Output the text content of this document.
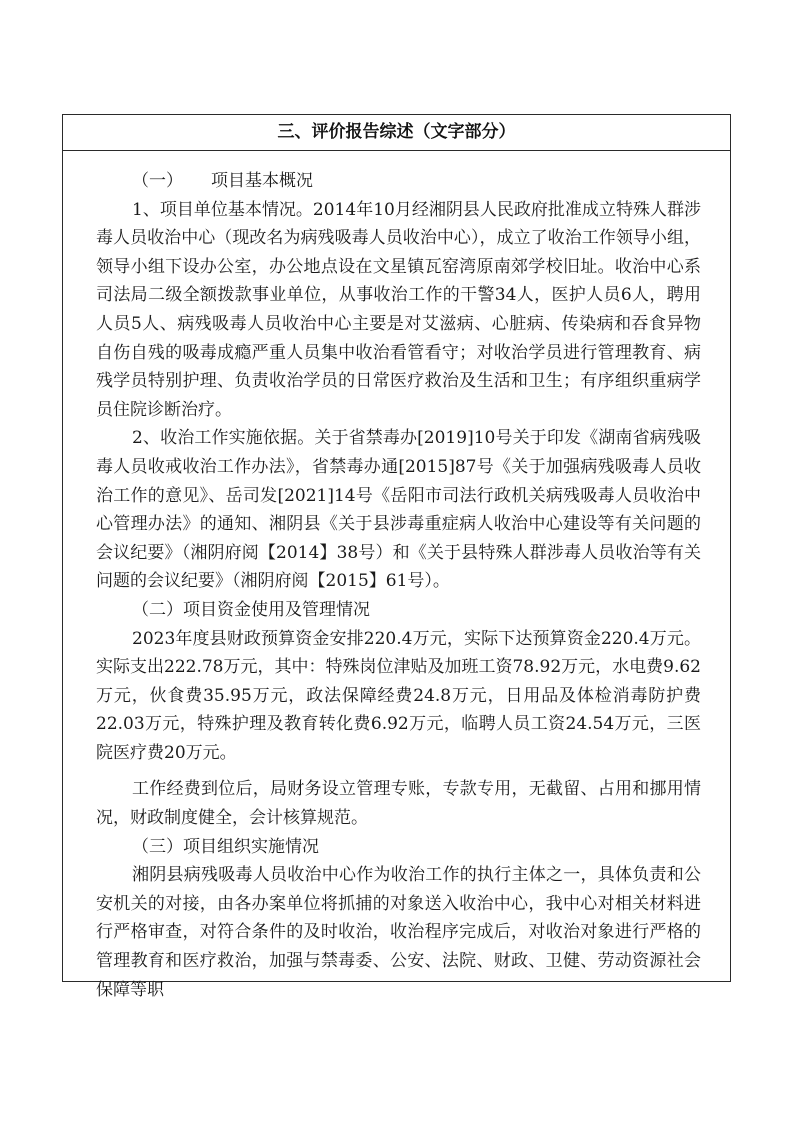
三、评价报告综述（文字部分）

（一） 项目基本概况

1、项目单位基本情况。2014年10月经湘阴县人民政府批准成立特殊人群涉毒人员收治中心（现改名为病残吸毒人员收治中心），成立了收治工作领导小组，领导小组下设办公室，办公地点设在文星镇瓦窑湾原南郊学校旧址。收治中心系司法局二级全额拨款事业单位，从事收治工作的干警34人，医护人员6人，聘用人员5人、病残吸毒人员收治中心主要是对艾滋病、心脏病、传染病和吞食异物自伤自残的吸毒成瘾严重人员集中收治看管看守；对收治学员进行管理教育、病残学员特别护理、负责收治学员的日常医疗救治及生活和卫生；有序组织重病学员住院诊断治疗。

2、收治工作实施依据。关于省禁毒办[2019]10号关于印发《湖南省病残吸毒人员收戒收治工作办法》，省禁毒办通[2015]87号《关于加强病残吸毒人员收治工作的意见》、岳司发[2021]14号《岳阳市司法行政机关病残吸毒人员收治中心管理办法》的通知、湘阴县《关于县涉毒重症病人收治中心建设等有关问题的会议纪要》（湘阴府阅【2014】38号）和《关于县特殊人群涉毒人员收治等有关问题的会议纪要》（湘阴府阅【2015】61号）。

（二）项目资金使用及管理情况

2023年度县财政预算资金安排220.4万元，实际下达预算资金220.4万元。实际支出222.78万元，其中：特殊岗位津贴及加班工资78.92万元，水电费9.62万元，伙食费35.95万元，政法保障经费24.8万元，日用品及体检消毒防护费22.03万元，特殊护理及教育转化费6.92万元，临聘人员工资24.54万元，三医院医疗费20万元。

工作经费到位后，局财务设立管理专账，专款专用，无截留、占用和挪用情况，财政制度健全，会计核算规范。

（三）项目组织实施情况

湘阴县病残吸毒人员收治中心作为收治工作的执行主体之一，具体负责和公安机关的对接，由各办案单位将抓捕的对象送入收治中心，我中心对相关材料进行严格审查，对符合条件的及时收治，收治程序完成后，对收治对象进行严格的管理教育和医疗救治，加强与禁毒委、公安、法院、财政、卫健、劳动资源社会保障等职
